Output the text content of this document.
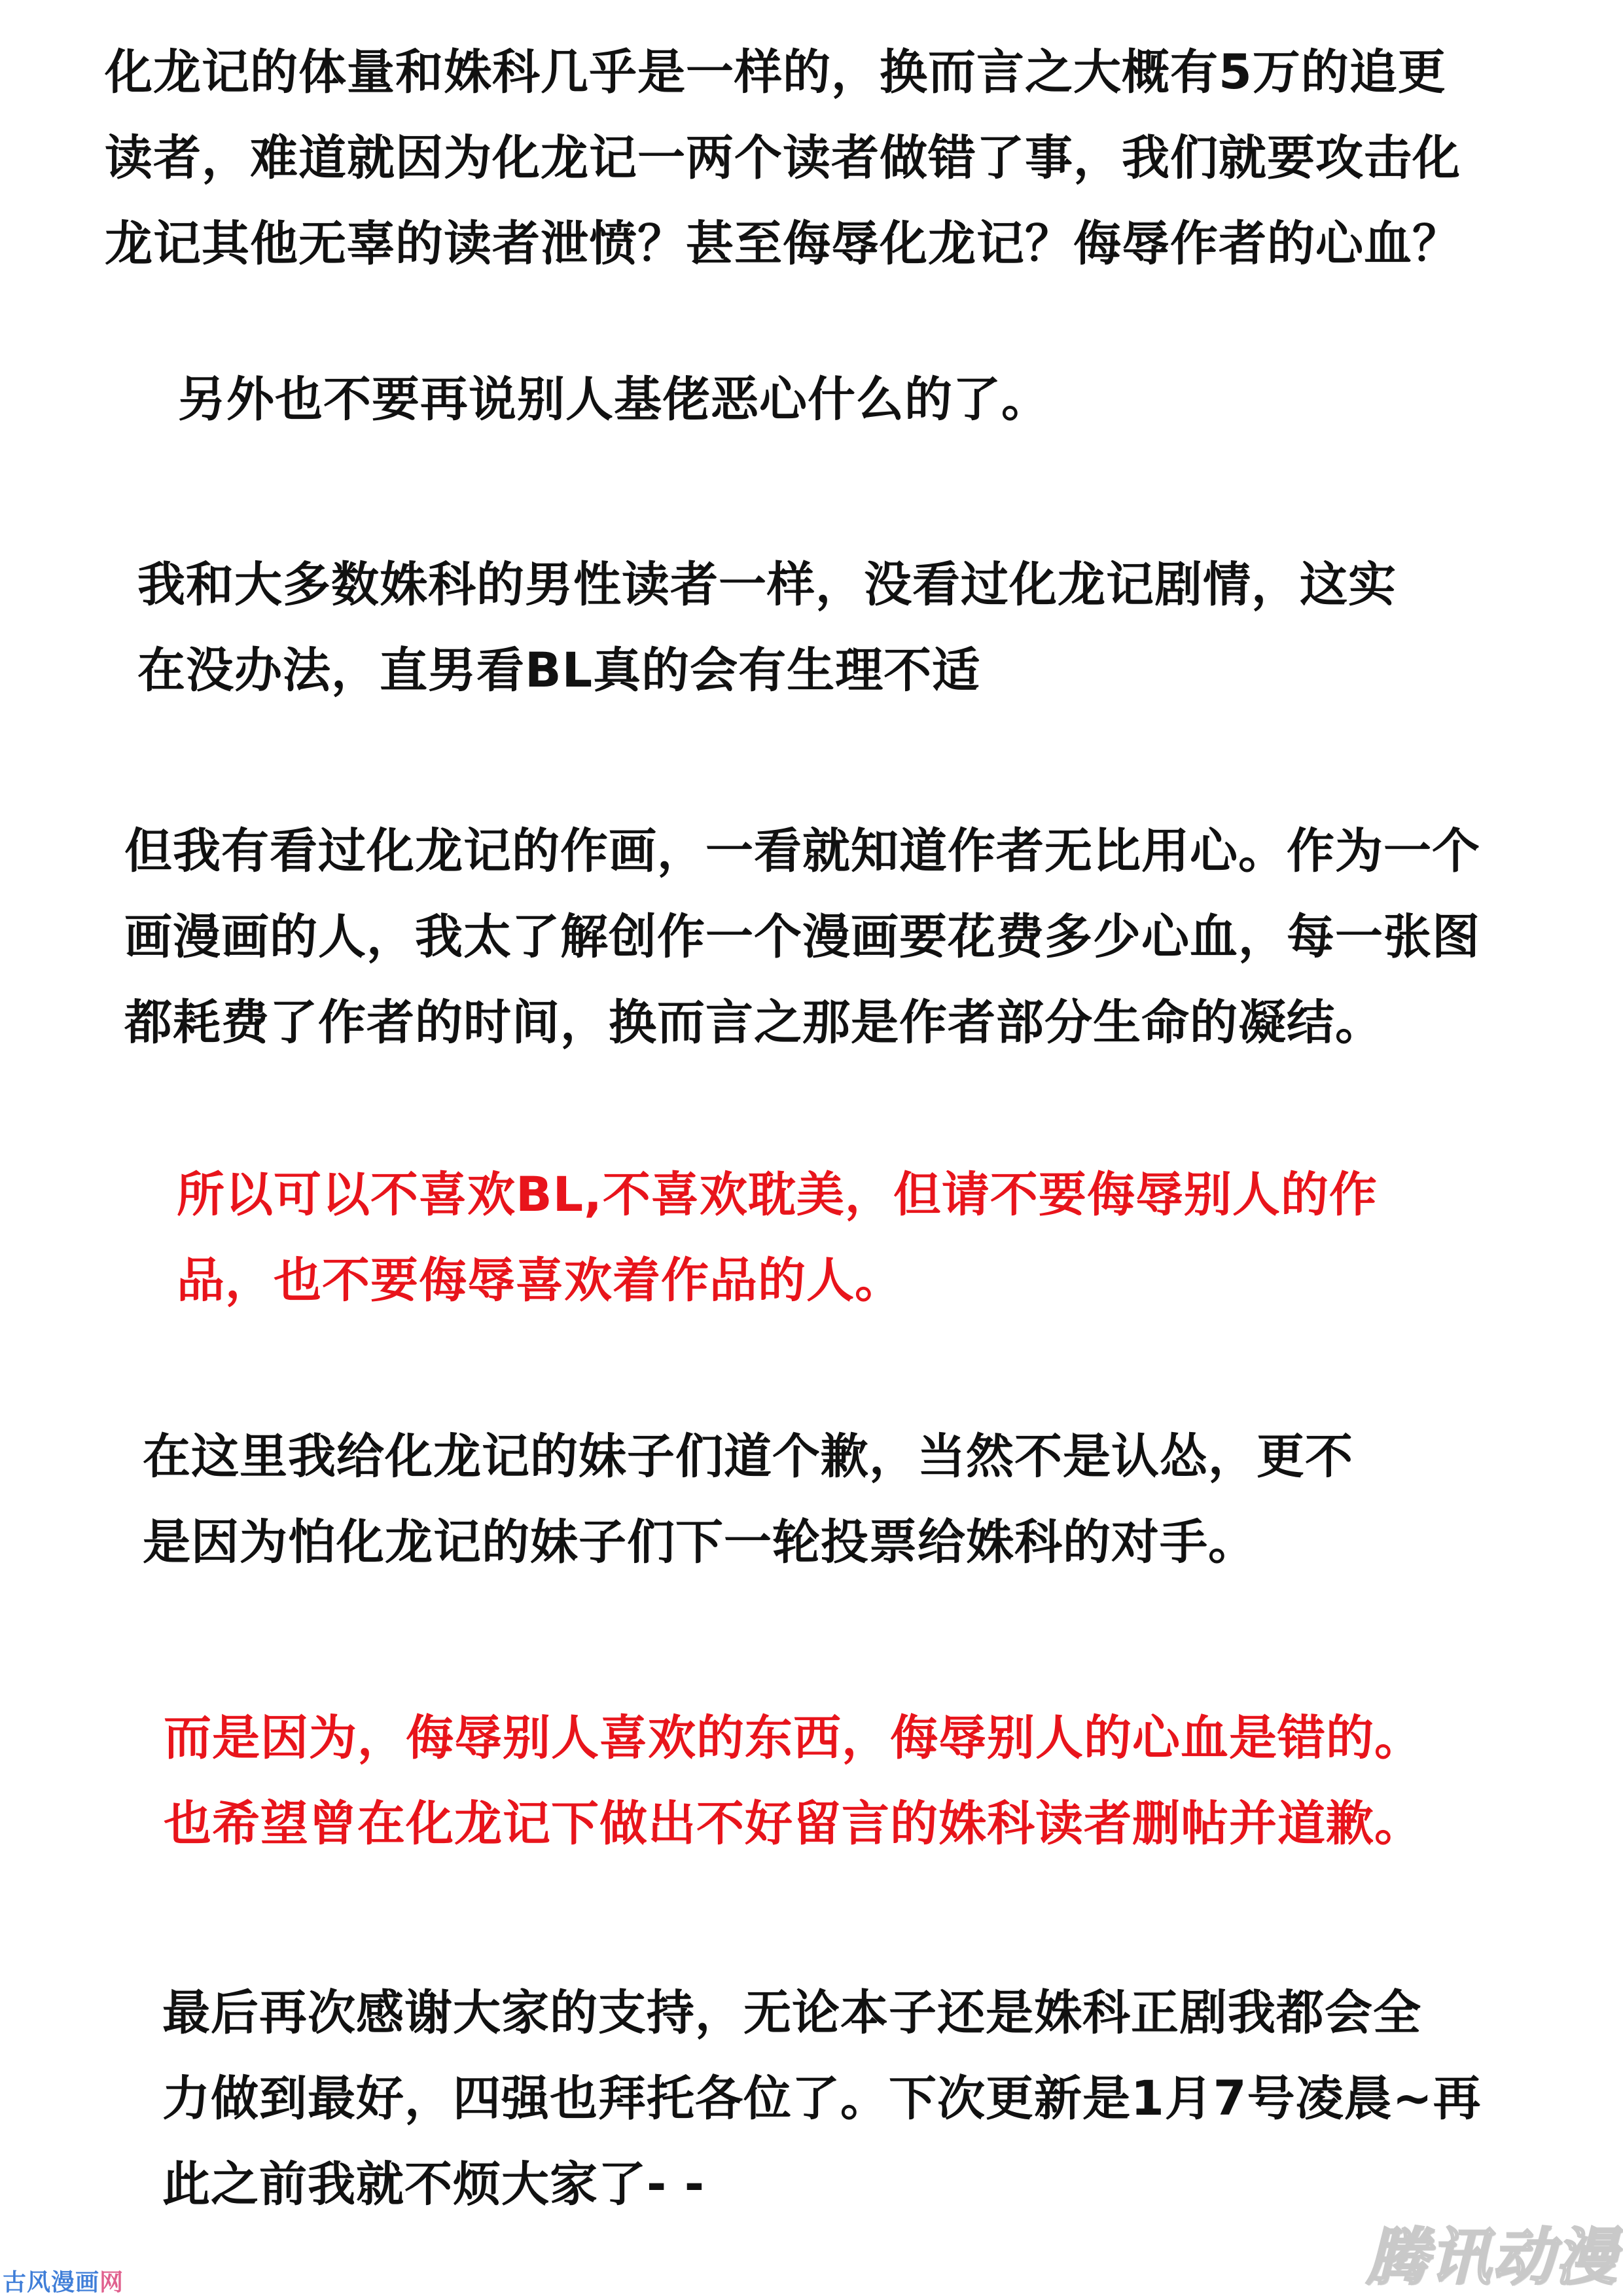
化龙记的体量和姝科几乎是一样的，换而言之大概有5万的追更
读者，难道就因为化龙记一两个读者做错了事，我们就要攻击化
龙记其他无辜的读者泄愤？甚至侮辱化龙记？侮辱作者的心血？
另外也不要再说别人基佬恶心什么的了。
我和大多数姝科的男性读者一样，没看过化龙记剧情，这实
在没办法，直男看BL真的会有生理不适
但我有看过化龙记的作画，一看就知道作者无比用心。作为一个
画漫画的人，我太了解创作一个漫画要花费多少心血，每一张图
都耗费了作者的时间，换而言之那是作者部分生命的凝结。
所以可以不喜欢BL,不喜欢耽美，但请不要侮辱别人的作
品，也不要侮辱喜欢着作品的人。
在这里我给化龙记的妹子们道个歉，当然不是认怂，更不
是因为怕化龙记的妹子们下一轮投票给姝科的对手。
而是因为，侮辱别人喜欢的东西，侮辱别人的心血是错的。
也希望曾在化龙记下做出不好留言的姝科读者删帖并道歉。
最后再次感谢大家的支持，无论本子还是姝科正剧我都会全
力做到最好，四强也拜托各位了。下次更新是1月7号凌晨~再
此之前我就不烦大家了- -
古风漫画网	腾讯动漫
